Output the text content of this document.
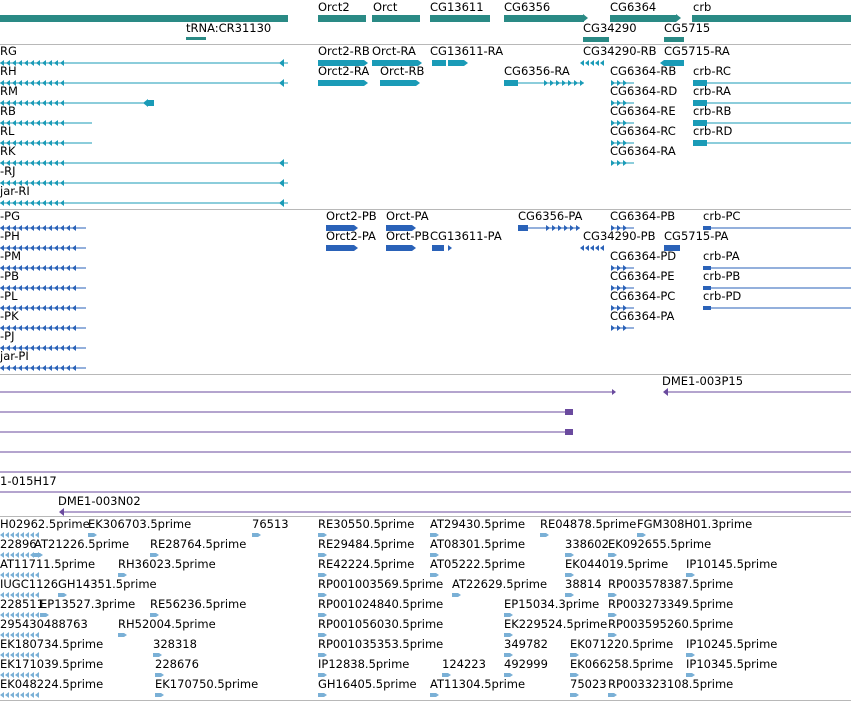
Orct2 Orct	CG13611 CG6356	CG6364	crb
tRNA:CR31130	CG34290 CG5715
RG
RH
RM
RB
RL
RK
-RJ
jar-RI
Orct2-RB Orct-RA
Orct2-RA Orct-RB
CG13611-RA
CG6356-RA
CG34290-RB CG5715-RA
CG6364-RB
CG6364-RD
CG6364-RE
CG6364-RC
CG6364-RA
crb-RC
crb-RA
crb-RB
crb-RD
-PG
-PH
-PM
-PB
-PL
-PK
-PJ
jar-PI
Orct2-PB Orct-PA
Orct2-PA Orct-PB CG13611-PA
CG6356-PA
CG34290-PB CG5715-PA
CG6364-PB
CG6364-PD
CG6364-PE
CG6364-PC
CG6364-PA
crb-PC
crb-PA
crb-PB
crb-PD
DME1-003P15
1-015H17
DME1-003N02
H02962.5prime
EK306703.5prime	76513	RE30550.5prime AT29430.5prime RE04878.5prime FGM308H01.3prime
22896
AT21226.5prime RE28764.5prime	RE29484.5prime AT08301.5prime	338602 EK092655.5prime
AT11711.5prime RH36023.5prime	RE42224.5prime AT05222.5prime	EK044019.5prime IP10145.5prime
IUGC1126 GH14351.5prime	RP001003569.5prime AT22629.5prime 38814 RP003578387.5prime
228511
EP13527.3prime RE56236.5prime	RP001024840.5prime	EP15034.3prime RP003273349.5prime
295430488763	RH52004.5prime	RP001056030.5prime	EK229524.5prime RP003595260.5prime
EK180734.5prime	328318	RP001035353.5prime	349782 EK071220.5prime IP10245.5prime
EK171039.5prime	228676	IP12838.5prime	124223 492999 EK066258.5prime IP10345.5prime
EK048224.5prime	EK170750.5prime	GH16405.5prime AT11304.5prime	75023 RP003323108.5prime
